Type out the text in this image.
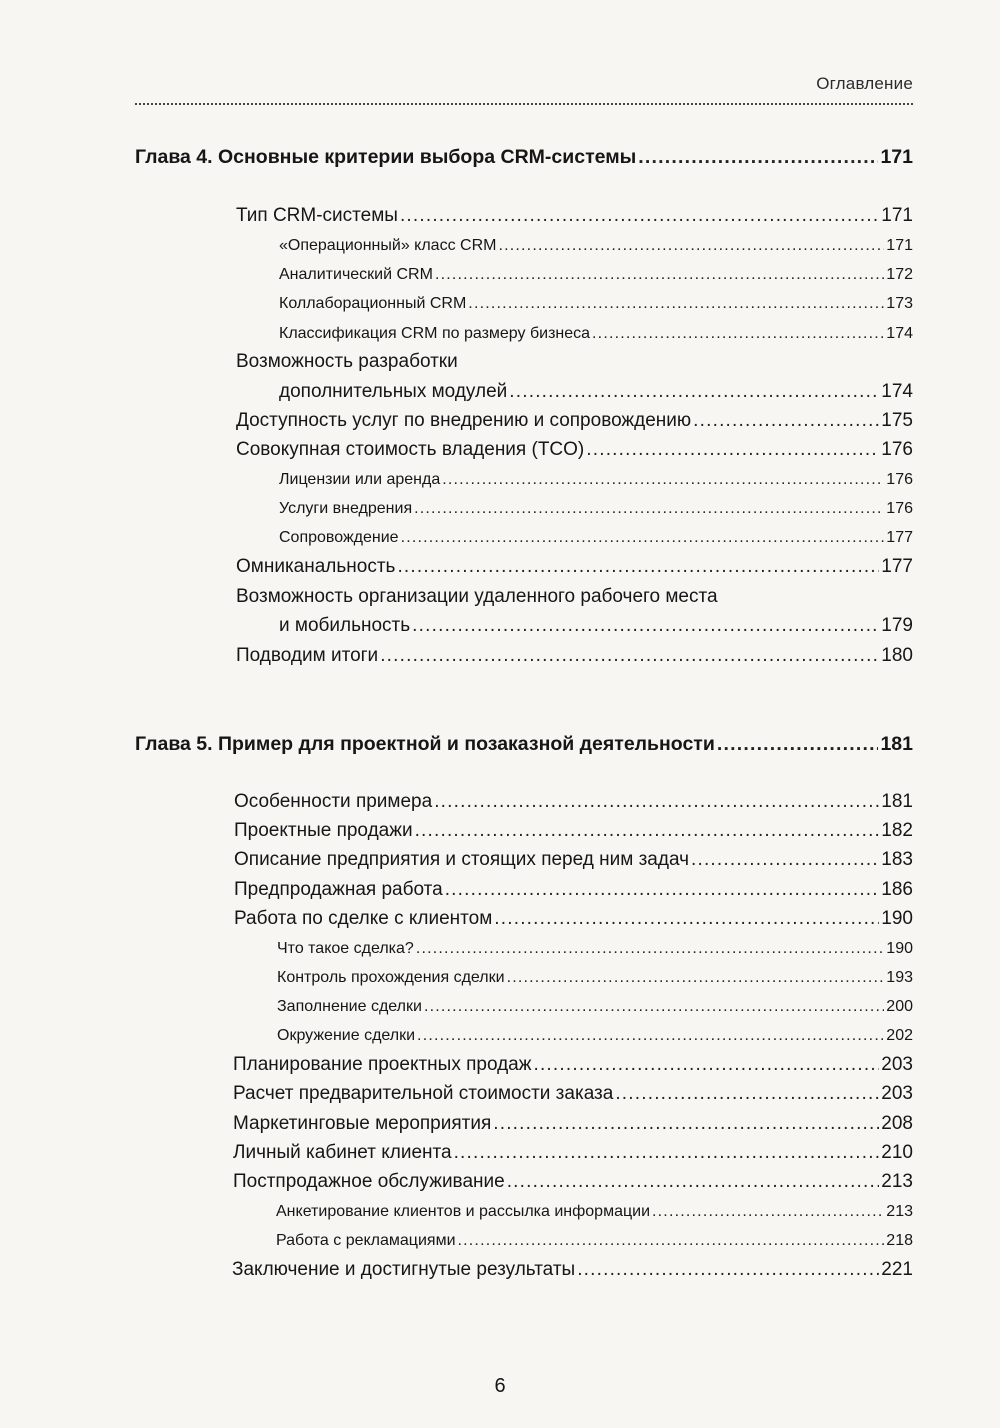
Оглавление
Глава 4. Основные критерии выбора CRM-системы .....	171
Тип CRM-системы .....	171
«Операционный» класс CRM .....	171
Аналитический CRM .....	172
Коллаборационный CRM .....	173
Классификация CRM по размеру бизнеса .....	174
Возможность разработки
дополнительных модулей .....	174
Доступность услуг по внедрению и сопровождению .....	175
Совокупная стоимость владения (TCO) .....	176
Лицензии или аренда .....	176
Услуги внедрения .....	176
Сопровождение .....	177
Омниканальность .....	177
Возможность организации удаленного рабочего места
и мобильность .....	179
Подводим итоги .....	180
Глава 5. Пример для проектной и позаказной деятельности .....	181
Особенности примера .....	181
Проектные продажи .....	182
Описание предприятия и стоящих перед ним задач .....	183
Предпродажная работа .....	186
Работа по сделке с клиентом .....	190
Что такое сделка? .....	190
Контроль прохождения сделки .....	193
Заполнение сделки .....	200
Окружение сделки .....	202
Планирование проектных продаж .....	203
Расчет предварительной стоимости заказа .....	203
Маркетинговые мероприятия .....	208
Личный кабинет клиента .....	210
Постпродажное обслуживание .....	213
Анкетирование клиентов и рассылка информации .....	213
Работа с рекламациями .....	218
Заключение и достигнутые результаты .....	221
6
